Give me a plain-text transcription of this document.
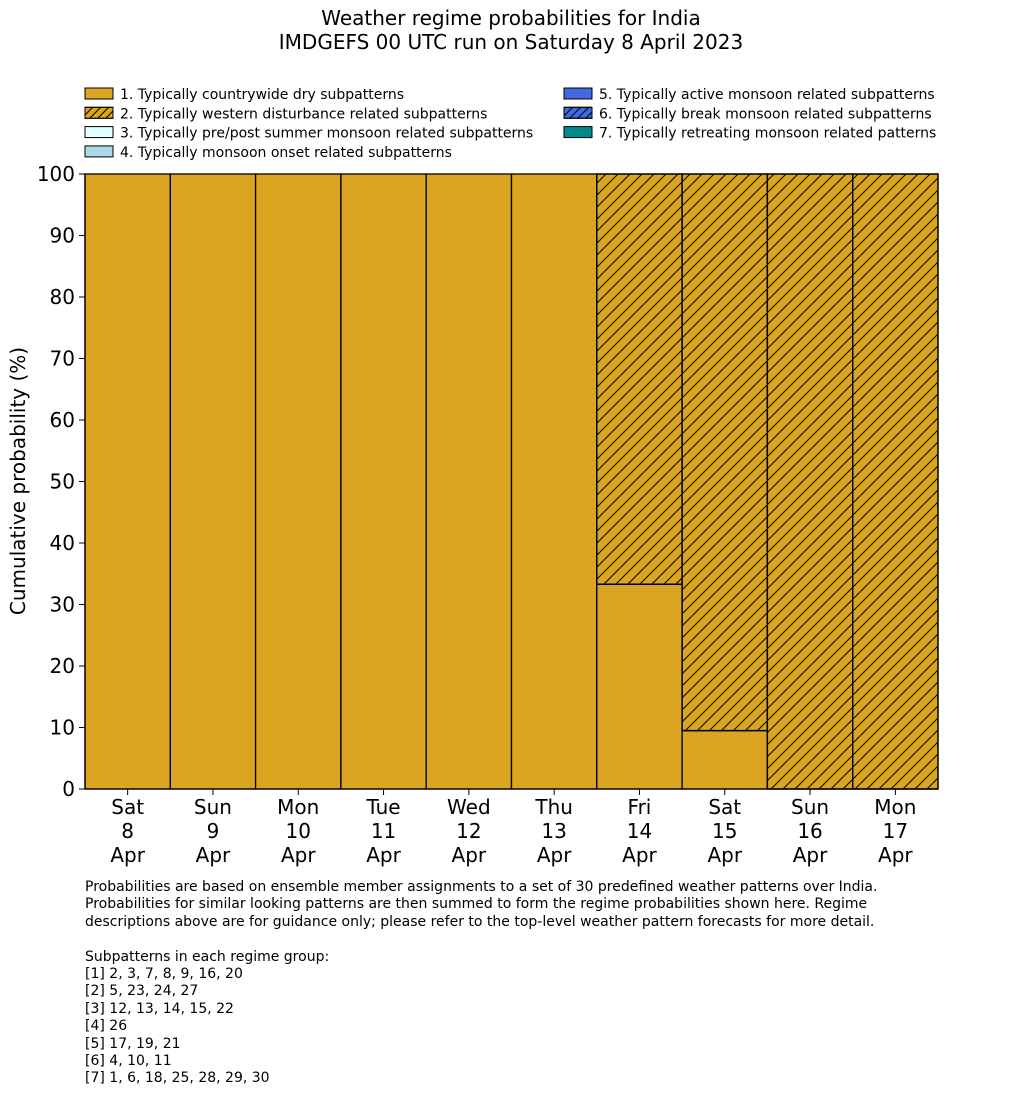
Weather regime probabilities for India
IMDGEFS 00 UTC run on Saturday 8 April 2023
1. Typically countrywide dry subpatterns
2. Typically western disturbance related subpatterns
3. Typically pre/post summer monsoon related subpatterns
4. Typically monsoon onset related subpatterns
5. Typically active monsoon related subpatterns
6. Typically break monsoon related subpatterns
7. Typically retreating monsoon related patterns
0
10
20
30
40
50
60
70
80
90
100
Sat 8 Apr
Sun 9 Apr
Mon 10 Apr
Tue 11 Apr
Wed 12 Apr
Thu 13 Apr
Fri 14 Apr
Sat 15 Apr
Sun 16 Apr
Mon 17 Apr
Cumulative probability (%)
Probabilities are based on ensemble member assignments to a set of 30 predefined weather patterns over India.
Probabilities for similar looking patterns are then summed to form the regime probabilities shown here. Regime
descriptions above are for guidance only; please refer to the top-level weather pattern forecasts for more detail.
Subpatterns in each regime group:
[1] 2, 3, 7, 8, 9, 16, 20
[2] 5, 23, 24, 27
[3] 12, 13, 14, 15, 22
[4] 26
[5] 17, 19, 21
[6] 4, 10, 11
[7] 1, 6, 18, 25, 28, 29, 30
